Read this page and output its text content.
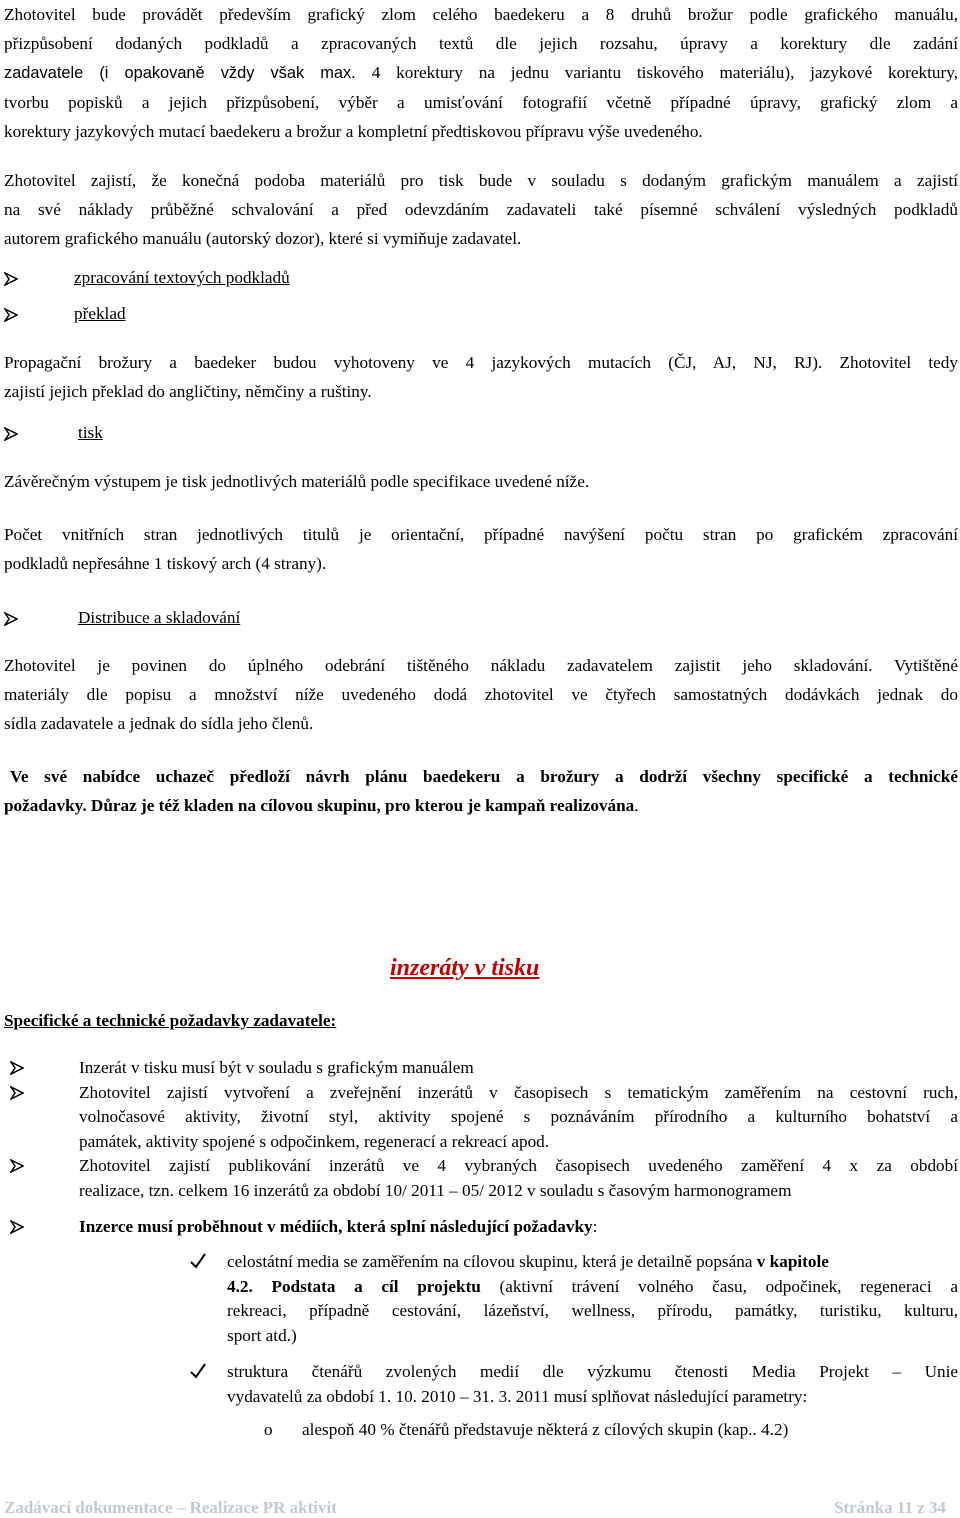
Zhotovitel bude provádět především grafický zlom celého baedekeru a 8 druhů brožur podle grafického manuálu,
přizpůsobení dodaných podkladů a zpracovaných textů dle jejich rozsahu, úpravy a korektury dle zadání
zadavatele (i opakovaně vždy však max. 4 korektury na jednu variantu tiskového materiálu), jazykové korektury,
tvorbu popisků a jejich přizpůsobení, výběr a umisťování fotografií včetně případné úpravy, grafický zlom a
korektury jazykových mutací baedekeru a brožur a kompletní předtiskovou přípravu výše uvedeného.
Zhotovitel zajistí, že konečná podoba materiálů pro tisk bude v souladu s dodaným grafickým manuálem a zajistí
na své náklady průběžné schvalování a před odevzdáním zadavateli také písemné schválení výsledných podkladů
autorem grafického manuálu (autorský dozor), které si vymiňuje zadavatel.
zpracování textových podkladů
překlad
Propagační brožury a baedeker budou vyhotoveny ve 4 jazykových mutacích (ČJ, AJ, NJ, RJ). Zhotovitel tedy
zajistí jejich překlad do angličtiny, němčiny a ruštiny.
tisk
Závěrečným výstupem je tisk jednotlivých materiálů podle specifikace uvedené níže.
Počet vnitřních stran jednotlivých titulů je orientační, případné navýšení počtu stran po grafickém zpracování
podkladů nepřesáhne 1 tiskový arch (4 strany).
Distribuce a skladování
Zhotovitel je povinen do úplného odebrání tištěného nákladu zadavatelem zajistit jeho skladování. Vytištěné
materiály dle popisu a množství níže uvedeného dodá zhotovitel ve čtyřech samostatných dodávkách jednak do
sídla zadavatele a jednak do sídla jeho členů.
Ve své nabídce uchazeč předloží návrh plánu baedekeru a brožury a dodrží všechny specifické a technické
požadavky. Důraz je též kladen na cílovou skupinu, pro kterou je kampaň realizována.
inzeráty v tisku
Specifické a technické požadavky zadavatele:
Inzerát v tisku musí být v souladu s grafickým manuálem
Zhotovitel zajistí vytvoření a zveřejnění inzerátů v časopisech s tematickým zaměřením na cestovní ruch,
volnočasové aktivity, životní styl, aktivity spojené s poznáváním přírodního a kulturního bohatství a
památek, aktivity spojené s odpočinkem, regenerací a rekreací apod.
Zhotovitel zajistí publikování inzerátů ve 4 vybraných časopisech uvedeného zaměření 4 x za období
realizace, tzn. celkem 16 inzerátů za období 10/ 2011 – 05/ 2012 v souladu s časovým harmonogramem
Inzerce musí proběhnout v médiích, která splní následující požadavky:
celostátní media se zaměřením na cílovou skupinu, která je detailně popsána v kapitole
4.2. Podstata a cíl projektu (aktivní trávení volného času, odpočinek, regeneraci a
rekreaci, případně cestování, lázeňství, wellness, přírodu, památky, turistiku, kulturu,
sport atd.)
struktura čtenářů zvolených medií dle výzkumu čtenosti Media Projekt – Unie
vydavatelů za období 1. 10. 2010 – 31. 3. 2011 musí splňovat následující parametry:
o alespoň 40 % čtenářů představuje některá z cílových skupin (kap.. 4.2)
Zadávací dokumentace – Realizace PR aktivit	Stránka 11 z 34
